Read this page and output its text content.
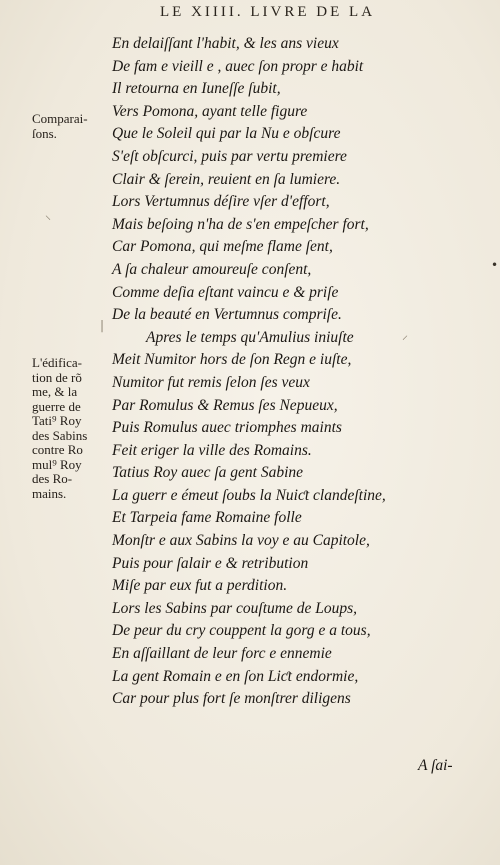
LE XIIII. LIVRE DE LA
En delaiſſant l'habit, & les ans vieux
De fam e vieill e , auec ſon propr e habit
Il retourna en Iuneſſe ſubit,
Vers Pomona, ayant telle figure
Que le Soleil qui par la Nu e obſcure
S'eſt obſcurci, puis par vertu premiere
Clair & ſerein, reuient en ſa lumiere.
Lors Vertumnus déſire vſer d'effort,
Mais beſoing n'ha de s'en empeſcher fort,
Car Pomona, qui meſme flame ſent,
A ſa chaleur amoureuſe conſent,
Comme deſia eſtant vaincu e & priſe
De la beauté en Vertumnus compriſe.
Apres le temps qu'Amulius iniuſte
Meit Numitor hors de ſon Regn e iuſte,
Numitor fut remis ſelon ſes veux
Par Romulus & Remus ſes Nepueux,
Puis Romulus auec triomphes maints
Feit eriger la ville des Romains.
Tatius Roy auec ſa gent Sabine
La guerr e émeut ſoubs la Nuiƈt clandeſtine,
Et Tarpeia fame Romaine folle
Monſtr e aux Sabins la voy e au Capitole,
Puis pour ſalair e & retribution
Miſe par eux fut a perdition.
Lors les Sabins par couſtume de Loups,
De peur du cry couppent la gorg e a tous,
En aſſaillant de leur forc e ennemie
La gent Romain e en ſon Liƈt endormie,
Car pour plus fort ſe monſtrer diligens
Comparai-
ſons.
L'édifica-
tion de rõ
me, & la
guerre de
Tati⁹ Roy
des Sabins
contre Ro
mul⁹ Roy
des Ro-
mains.
⸜
|
⸝
•
A ſai-
